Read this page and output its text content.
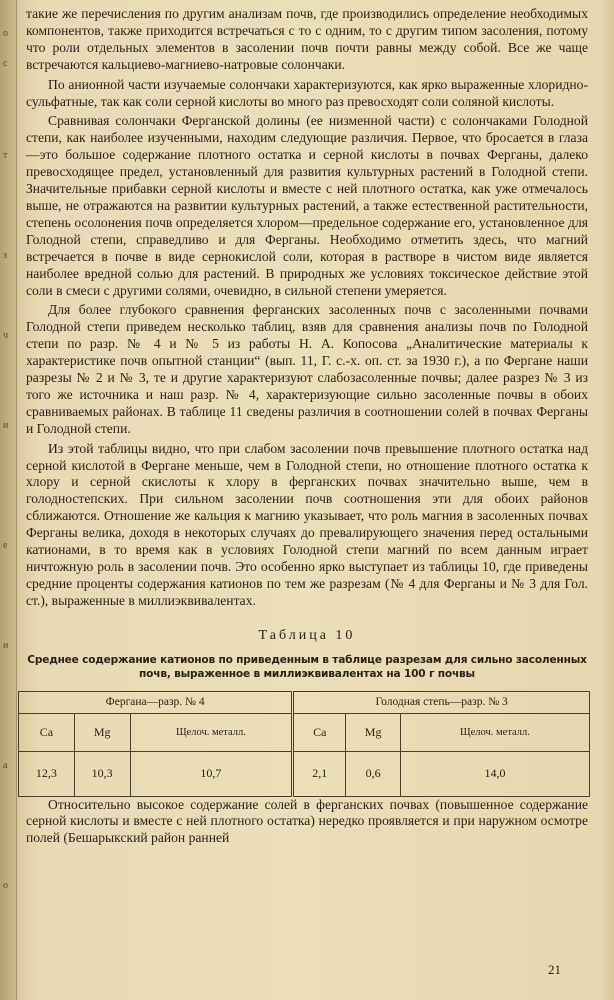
о
с
т
з
ч
и
е
н
а
о

такие же перечисления по другим анализам почв, где производились определение необходимых компонентов, также приходится встречаться с то с одним, то с другим типом засоления, потому что роли отдельных элементов в засолении почв почти равны между собой. Все же чаще встречаются кальциево-магниево-натровые солончаки.

По анионной части изучаемые солончаки характеризуются, как ярко выраженные хлоридно-сульфатные, так как соли серной кислоты во много раз превосходят соли соляной кислоты.

Сравнивая солончаки Ферганской долины (ее низменной части) с солончаками Голодной степи, как наиболее изученными, находим следующие различия. Первое, что бросается в глаза—это большое содержание плотного остатка и серной кислоты в почвах Ферганы, далеко превосходящее предел, установленный для развития культурных растений в Голодной степи. Значительные прибавки серной кислоты и вместе с ней плотного остатка, как уже отмечалось выше, не отражаются на развитии культурных растений, а также естественной растительности, степень осолонения почв определяется хлором—предельное содержание его, установленное для Голодной степи, справедливо и для Ферганы. Необходимо отметить здесь, что магний встречается в почве в виде сернокислой соли, которая в растворе в чистом виде является наиболее вредной солью для растений. В природных же условиях токсическое действие этой соли в смеси с другими солями, очевидно, в сильной степени умеряется.

Для более глубокого сравнения ферганских засоленных почв с засоленными почвами Голодной степи приведем несколько таблиц, взяв для сравнения анализы почв по Голодной степи по разр. № 4 и № 5 из работы Н. А. Копосова „Аналитические материалы к характеристике почв опытной станции“ (вып. 11, Г. с.-х. оп. ст. за 1930 г.), а по Фергане наши разрезы № 2 и № 3, те и другие характеризуют слабозасоленные почвы; далее разрез № 3 из того же источника и наш разр. № 4, характеризующие сильно засоленные почвы в обоих сравниваемых районах. В таблице 11 сведены различия в соотношении солей в почвах Ферганы и Голодной степи.

Из этой таблицы видно, что при слабом засолении почв превышение плотного остатка над серной кислотой в Фергане меньше, чем в Голодной степи, но отношение плотного остатка к хлору и серной скислоты к хлору в ферганских почвах значительно выше, чем в голодностепских. При сильном засолении почв соотношения эти для обоих районов сближаются. Отношение же кальция к магнию указывает, что роль магния в засоленных почвах Ферганы велика, доходя в некоторых случаях до превалирующего значения перед остальными катионами, в то время как в условиях Голодной степи магний по всем данным играет ничтожную роль в засолении почв. Это особенно ярко выступает из таблицы 10, где приведены средние проценты содержания катионов по тем же разрезам (№ 4 для Ферганы и № 3 для Гол. ст.), выраженные в миллиэквивалентах.

Таблица 10
Среднее содержание катионов по приведенным в таблице разрезам для сильно засоленных почв, выраженное в миллиэквивалентах на 100 г почвы
Фергана—разр. № 4			Голодная степь—разр. № 3		
Ca	Mg	Щелоч. металл.	Ca	Mg	Щелоч. металл.
12,3	10,3	10,7	2,1	0,6	14,0

Относительно высокое содержание солей в ферганских почвах (повышенное содержание серной кислоты и вместе с ней плотного остатка) нередко проявляется и при наружном осмотре полей (Бешарыкский район ранней

21
